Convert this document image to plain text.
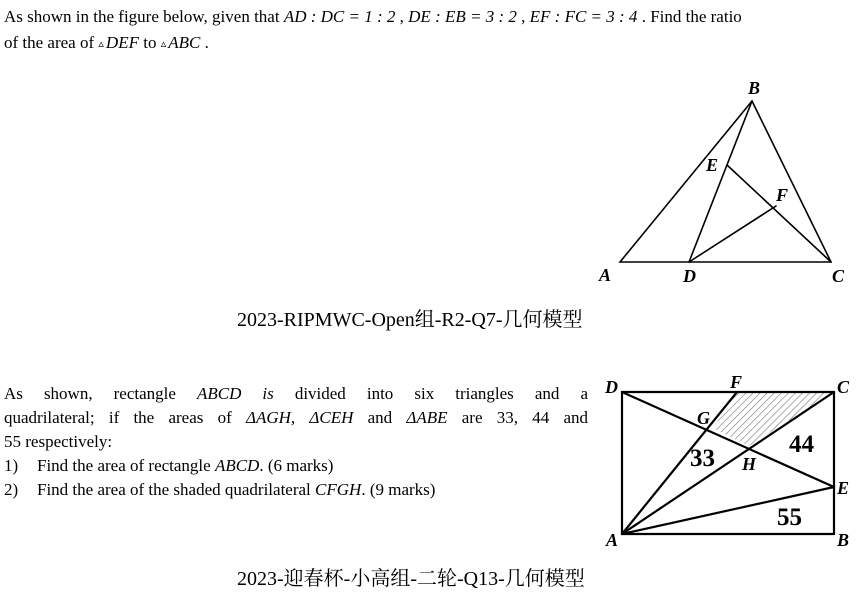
As shown in the figure below, given that AD : DC = 1 : 2 , DE : EB = 3 : 2 , EF : FC = 3 : 4 . Find the ratio
of the area of ▵ DEF to ▵ ABC .
B
E
F
A	D	C
2023-RIPMWC-Open组-R2-Q7-几何模型
As shown, rectangle ABCD is divided into six triangles and a
quadrilateral; if the areas of ΔAGH, ΔCEH and ΔABE are 33, 44 and
55 respectively:
1)	Find the area of rectangle ABCD. (6 marks)
2)	Find the area of the shaded quadrilateral CFGH. (9 marks)
D	F	C
G
H
E
A	B
33
44
55
2023-迎春杯-小高组-二轮-Q13-几何模型
